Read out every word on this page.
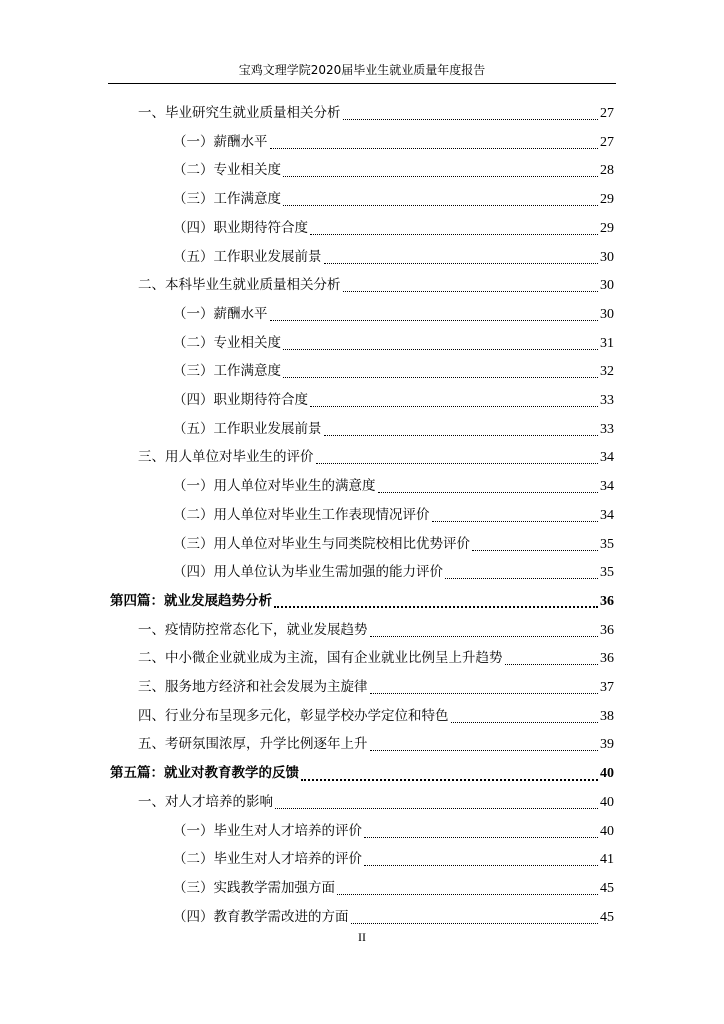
宝鸡文理学院2020届毕业生就业质量年度报告
一、毕业研究生就业质量相关分析	27
（一）薪酬水平	27
（二）专业相关度	28
（三）工作满意度	29
（四）职业期待符合度	29
（五）工作职业发展前景	30
二、本科毕业生就业质量相关分析	30
（一）薪酬水平	30
（二）专业相关度	31
（三）工作满意度	32
（四）职业期待符合度	33
（五）工作职业发展前景	33
三、用人单位对毕业生的评价	34
（一）用人单位对毕业生的满意度	34
（二）用人单位对毕业生工作表现情况评价	34
（三）用人单位对毕业生与同类院校相比优势评价	35
（四）用人单位认为毕业生需加强的能力评价	35
第四篇：就业发展趋势分析	36
一、疫情防控常态化下，就业发展趋势	36
二、中小微企业就业成为主流，国有企业就业比例呈上升趋势	36
三、服务地方经济和社会发展为主旋律	37
四、行业分布呈现多元化，彰显学校办学定位和特色	38
五、考研氛围浓厚，升学比例逐年上升	39
第五篇：就业对教育教学的反馈	40
一、对人才培养的影响	40
（一）毕业生对人才培养的评价	40
（二）毕业生对人才培养的评价	41
（三）实践教学需加强方面	45
（四）教育教学需改进的方面	45
II
